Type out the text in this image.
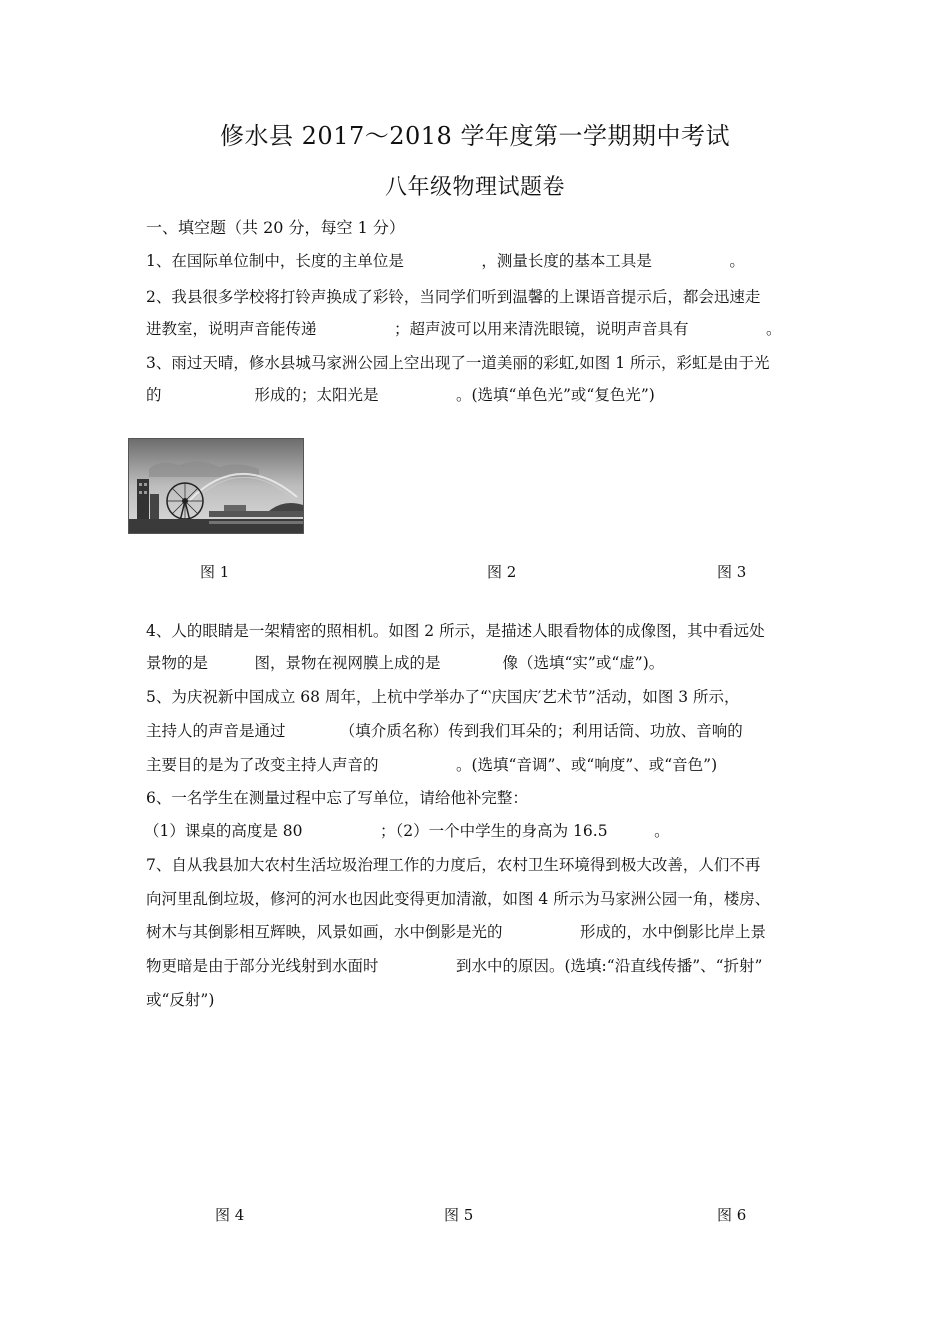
修水县 2017～2018 学年度第一学期期中考试
八年级物理试题卷
一、填空题（共 20 分，每空 1 分）
1、在国际单位制中，长度的主单位是　　　　　，测量长度的基本工具是　　　　　。
2、我县很多学校将打铃声换成了彩铃，当同学们听到温馨的上课语音提示后，都会迅速走
进教室，说明声音能传递　　　　　；超声波可以用来清洗眼镜，说明声音具有　　　　　。
3、雨过天晴，修水县城马家洲公园上空出现了一道美丽的彩虹,如图 1 所示，彩虹是由于光
的　　　　　　形成的；太阳光是　　　　　。(选填“单色光”或“复色光”)
图 1	图 2	图 3
4、人的眼睛是一架精密的照相机。如图 2 所示，是描述人眼看物体的成像图，其中看远处
景物的是　　　图，景物在视网膜上成的是　　　　像（选填“实”或“虚”)。
5、为庆祝新中国成立 68 周年，上杭中学举办了“‵庆国庆′艺术节”活动，如图 3 所示，
主持人的声音是通过　　　　（填介质名称）传到我们耳朵的；利用话筒、功放、音响的
主要目的是为了改变主持人声音的　　　　　。(选填“音调”、或“响度”、或“音色”)
6、一名学生在测量过程中忘了写单位，请给他补完整：
（1）课桌的高度是 80　　　　　；（2）一个中学生的身高为 16.5　　　。
7、自从我县加大农村生活垃圾治理工作的力度后，农村卫生环境得到极大改善，人们不再
向河里乱倒垃圾，修河的河水也因此变得更加清澈，如图 4 所示为马家洲公园一角，楼房、
树木与其倒影相互辉映，风景如画，水中倒影是光的　　　　　形成的，水中倒影比岸上景
物更暗是由于部分光线射到水面时　　　　　到水中的原因。(选填:“沿直线传播”、“折射”
或“反射”)
图 4	图 5	图 6
